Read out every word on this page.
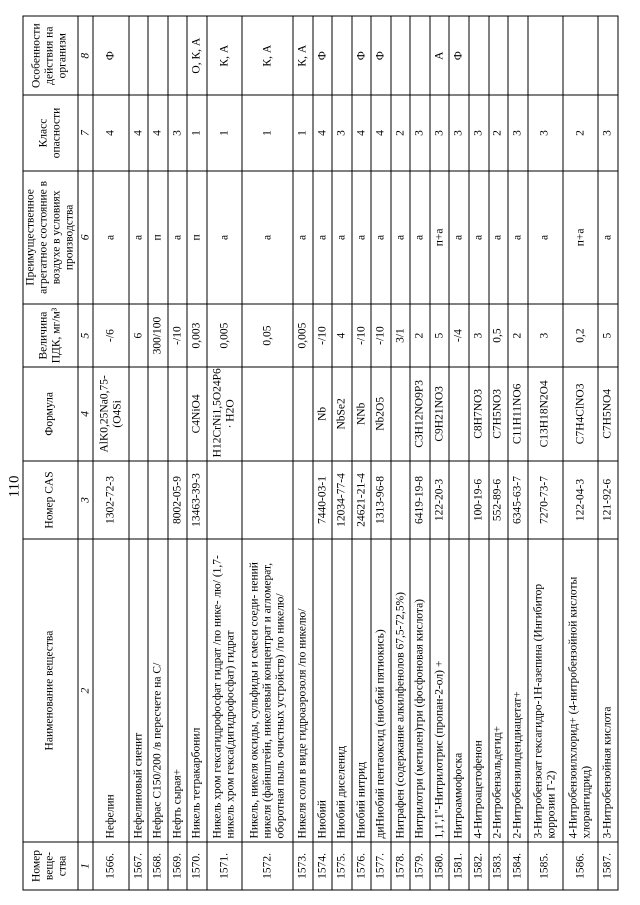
110
Номер веще- ства	Наименование вещества	Номер CAS	Формула	Величина ПДК, мг/м³	Преимущественное агрегатное состояние в воздухе в условиях производства	Класс опасности	Особенности действия на организм
1	2	3	4	5	6	7	8
1566.	Нефелин	1302-72-3	AlK0,25Na0,75-(O4Si	-/6	а	4	Ф
1567.	Нефелиновый сиенит			6	а	4	
1568.	Нефрас С150/200 /в пересчете на С/			300/100	п	4	
1569.	Нефть сырая+	8002-05-9		-/10	а	3	
1570.	Никель тетракарбонил	13463-39-3	C4NiO4	0,003	п	1	О, К, А
1571.	Никель хром гексагидрофосфат гидрат /по нике- лю/ (1,7-никель хром гексa(дигидрофосфат) гидрат		H12CrNi1,5O24P6 · H2O	0,005	а	1	К, А
1572.	Никель, никеля оксиды, сульфиды и смеси соеди- нений никеля (файнштейн, никелевый концентрат и агломерат, оборотная пыль очистных устройств) /по никелю/			0,05	а	1	К, А
1573.	Никеля соли в виде гидроаэрозоля /по никелю/			0,005	а	1	К, А
1574.	Ниобий	7440-03-1	Nb	-/10	а	4	Ф
1575.	Ниобий диселенид	12034-77-4	NbSe2	4	а	3	
1576.	Ниобий нитрид	24621-21-4	NNb	-/10	а	4	Ф
1577.	диНиобий пентаоксид (ниобий пятиокись)	1313-96-8	Nb2O5	-/10	а	4	Ф
1578.	Нитрафен (содержание алкилфенолов 67,5-72,5%)			3/1	а	2	
1579.	Нитрилотри (метилен)три (фосфоновая кислота)	6419-19-8	C3H12NO9P3	2	а	3	
1580.	1,1',1''-Нитрилотрис (пропан-2-ол) +	122-20-3	C9H21NO3	5	п+а	3	А
1581.	Нитроаммофоска			-/4	а	3	Ф
1582.	4-Нитроацетофенон	100-19-6	C8H7NO3	3	а	3	
1583.	2-Нитробензальдегид+	552-89-6	C7H5NO3	0,5	а	2	
1584.	2-Нитробензилидендиацетат+	6345-63-7	C11H11NO6	2	а	3	
1585.	3-Нитробензоат гексагидро-1Н-азепина (Ингибитор коррозии Г-2)	7270-73-7	C13H18N2O4	3	а	3	
1586.	4-Нитробензоилхлорид+ (4-нитробензойной кислоты хлорангидрид)	122-04-3	C7H4ClNO3	0,2	п+а	2	
1587.	3-Нитробензойная кислота	121-92-6	C7H5NO4	5	а	3	
